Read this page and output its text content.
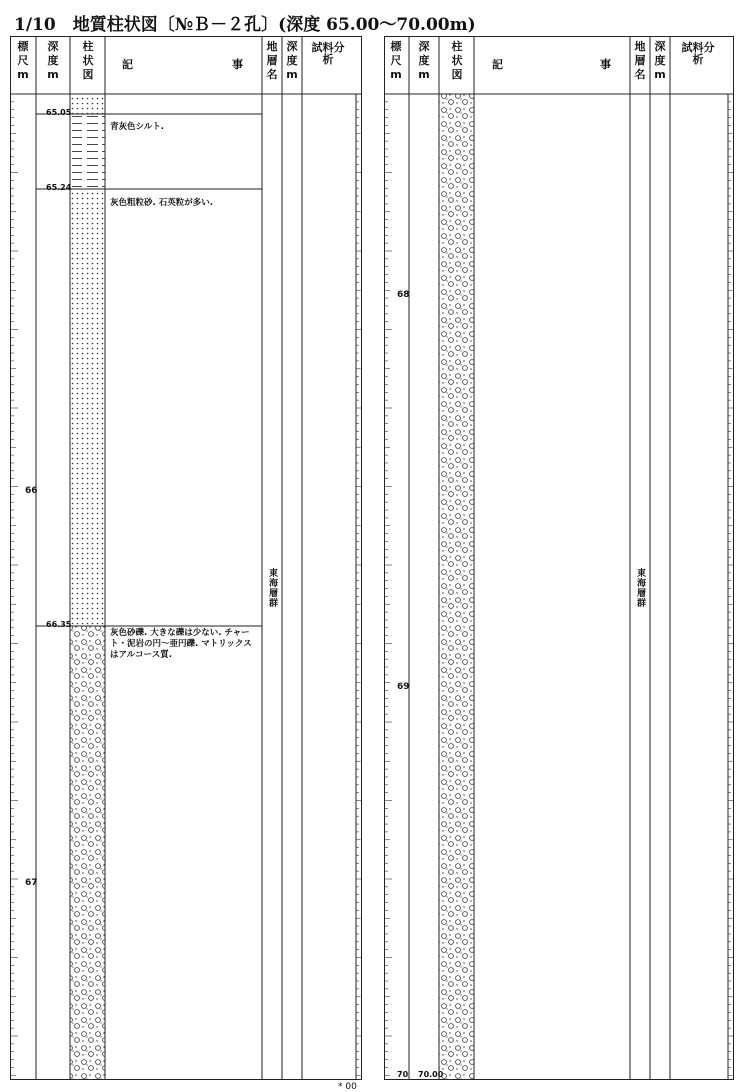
1/10　地質柱状図〔№Ｂ－２孔〕(深度 65.00〜70.00m)
標尺m
深度m
柱状図
記	事
地層名
深度m
試料分析
65.05
65.24
66.35
66
67
青灰色シルト.
灰色粗粒砂. 石英粒が多い.
灰色砂礫. 大きな礫は少ない. チャート・泥岩の円〜亜円礫. マトリックスはアルコース質.
東海層群
標尺m
深度m
柱状図
記	事
地層名
深度m
試料分析
68
69
70 70.00
東海層群
* 00
